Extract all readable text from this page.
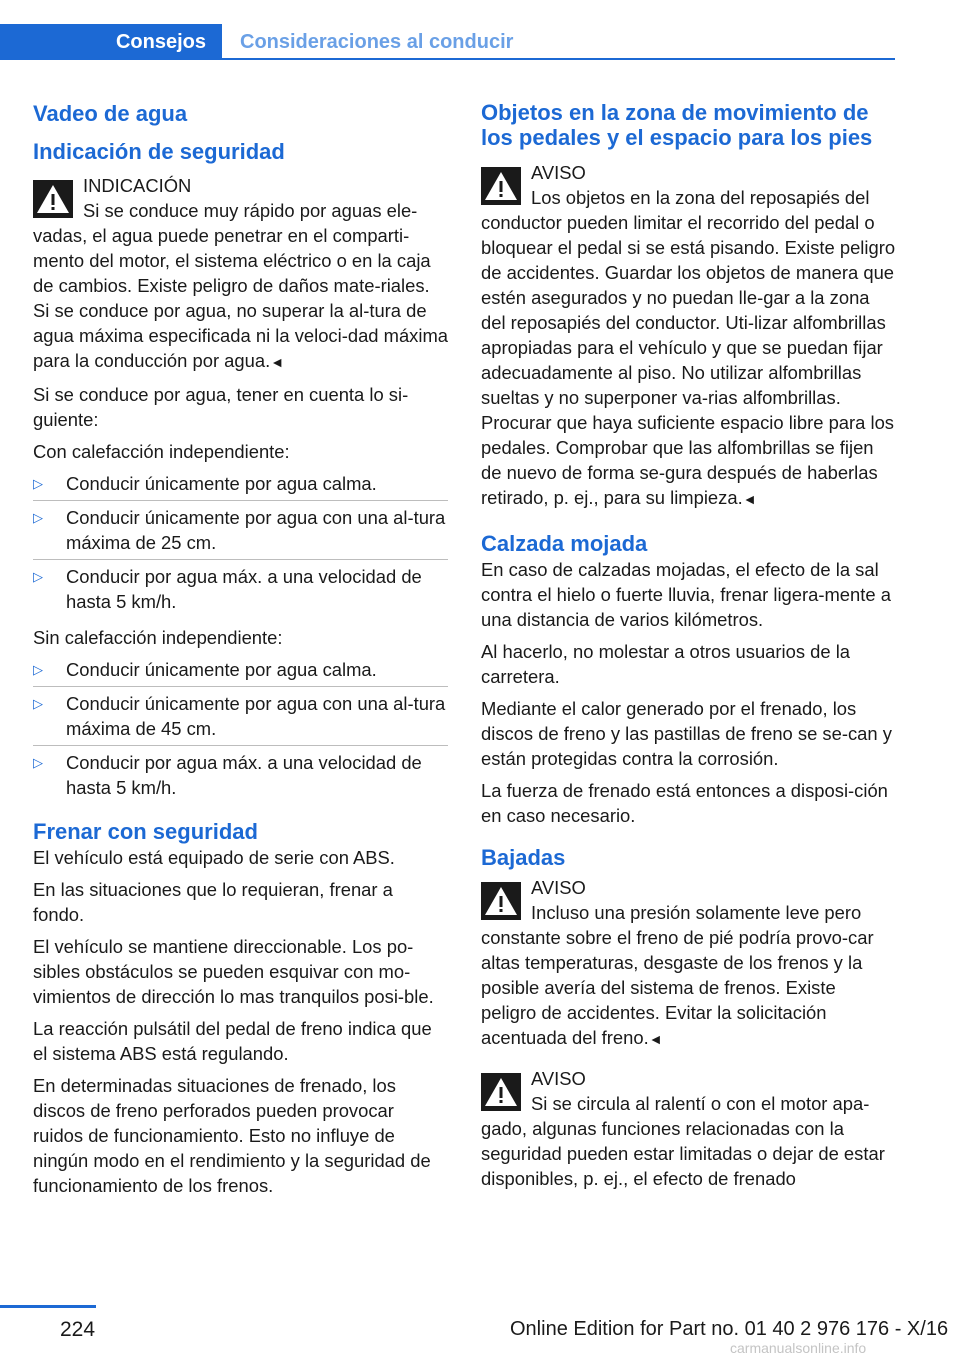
Consejos	Consideraciones al conducir
Vadeo de agua
Indicación de seguridad
INDICACIÓN
Si se conduce muy rápido por aguas ele-vadas, el agua puede penetrar en el comparti-mento del motor, el sistema eléctrico o en la caja de cambios. Existe peligro de daños mate-riales. Si se conduce por agua, no superar la al-tura de agua máxima especificada ni la veloci-dad máxima para la conducción por agua.◄

Si se conduce por agua, tener en cuenta lo si-guiente:

Con calefacción independiente:

▷ Conducir únicamente por agua calma.
▷ Conducir únicamente por agua con una al-tura máxima de 25 cm.
▷ Conducir por agua máx. a una velocidad de hasta 5 km/h.

Sin calefacción independiente:

▷ Conducir únicamente por agua calma.
▷ Conducir únicamente por agua con una al-tura máxima de 45 cm.
▷ Conducir por agua máx. a una velocidad de hasta 5 km/h.
Frenar con seguridad

El vehículo está equipado de serie con ABS.

En las situaciones que lo requieran, frenar a fondo.

El vehículo se mantiene direccionable. Los po-sibles obstáculos se pueden esquivar con mo-vimientos de dirección lo mas tranquilos posi-ble.

La reacción pulsátil del pedal de freno indica que el sistema ABS está regulando.

En determinadas situaciones de frenado, los discos de freno perforados pueden provocar ruidos de funcionamiento. Esto no influye de ningún modo en el rendimiento y la seguridad de funcionamiento de los frenos.

Objetos en la zona de movimiento de los pedales y el espacio para los pies
AVISO
Los objetos en la zona del reposapiés del conductor pueden limitar el recorrido del pedal o bloquear el pedal si se está pisando. Existe peligro de accidentes. Guardar los objetos de manera que estén asegurados y no puedan lle-gar a la zona del reposapiés del conductor. Uti-lizar alfombrillas apropiadas para el vehículo y que se puedan fijar adecuadamente al piso. No utilizar alfombrillas sueltas y no superponer va-rias alfombrillas. Procurar que haya suficiente espacio libre para los pedales. Comprobar que las alfombrillas se fijen de nuevo de forma se-gura después de haberlas retirado, p. ej., para su limpieza.◄
Calzada mojada

En caso de calzadas mojadas, el efecto de la sal contra el hielo o fuerte lluvia, frenar ligera-mente a una distancia de varios kilómetros.

Al hacerlo, no molestar a otros usuarios de la carretera.

Mediante el calor generado por el frenado, los discos de freno y las pastillas de freno se se-can y están protegidas contra la corrosión.

La fuerza de frenado está entonces a disposi-ción en caso necesario.

Bajadas
AVISO
Incluso una presión solamente leve pero constante sobre el freno de pié podría provo-car altas temperaturas, desgaste de los frenos y la posible avería del sistema de frenos. Existe peligro de accidentes. Evitar la solicitación acentuada del freno.◄
AVISO
Si se circula al ralentí o con el motor apa-gado, algunas funciones relacionadas con la seguridad pueden estar limitadas o dejar de estar disponibles, p. ej., el efecto de frenado
224	Online Edition for Part no. 01 40 2 976 176 - X/16
carmanualsonline.info
